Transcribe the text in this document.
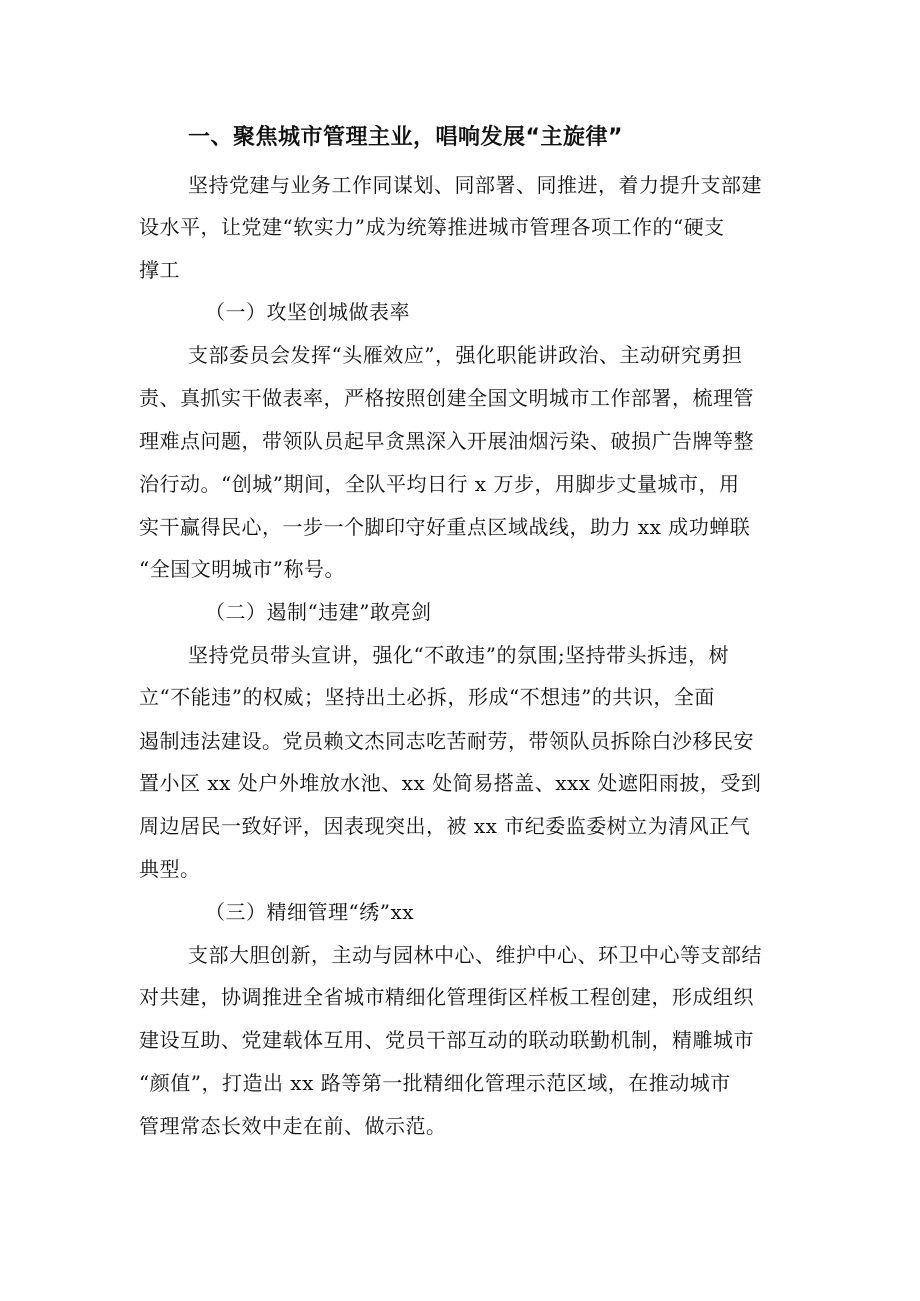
一、聚焦城市管理主业，唱响发展“主旋律”
坚持党建与业务工作同谋划、同部署、同推进，着力提升支部建
设水平，让党建“软实力”成为统筹推进城市管理各项工作的“硬支
撑工
（一）攻坚创城做表率
支部委员会发挥“头雁效应”，强化职能讲政治、主动研究勇担
责、真抓实干做表率，严格按照创建全国文明城市工作部署，梳理管
理难点问题，带领队员起早贪黑深入开展油烟污染、破损广告牌等整
治行动。“创城”期间，全队平均日行 x 万步，用脚步丈量城市，用
实干赢得民心，一步一个脚印守好重点区域战线，助力 xx 成功蝉联
“全国文明城市”称号。
（二）遏制“违建”敢亮剑
坚持党员带头宣讲，强化“不敢违”的氛围;坚持带头拆违，树
立“不能违”的权威；坚持出土必拆，形成“不想违”的共识，全面
遏制违法建设。党员赖文杰同志吃苦耐劳，带领队员拆除白沙移民安
置小区 xx 处户外堆放水池、xx 处简易搭盖、xxx 处遮阳雨披，受到
周边居民一致好评，因表现突出，被 xx 市纪委监委树立为清风正气
典型。
（三）精细管理“绣”xx
支部大胆创新，主动与园林中心、维护中心、环卫中心等支部结
对共建，协调推进全省城市精细化管理街区样板工程创建，形成组织
建设互助、党建载体互用、党员干部互动的联动联勤机制，精雕城市
“颜值”，打造出 xx 路等第一批精细化管理示范区域，在推动城市
管理常态长效中走在前、做示范。
